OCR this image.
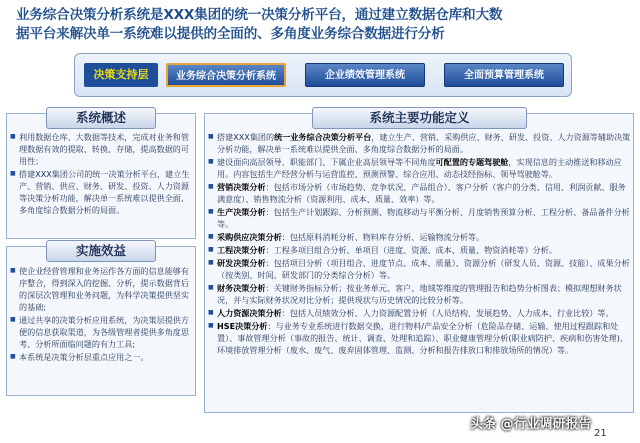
业务综合决策分析系统是XXX集团的统一决策分析平台，通过建立数据仓库和大数
据平台来解决单一系统难以提供的全面的、多角度业务综合数据进行分析
决策支持层	业务综合决策分析系统	企业绩效管理系统	全面预算管理系统
系统概述
■ 利用数据仓库、大数据等技术，完成对业务和管理数据有效的提取、转换、存储，提高数据的可用性；
■ 搭建XXX集团公司的统一决策分析平台，建立生产、营销、供应、财务、研发、投资、人力资源等决策分析功能，解决单一系统难以提供全面、多角度综合数据分析的局面。
实施效益
■ 使企业经营管理和业务运作各方面的信息能够有序整合，得到深入的挖掘、分析，提示数据背后的深层次管理和业务问题，为科学决策提供坚实的基础;
■ 通过共享的决策分析应用系统，为决策层提供方便的信息获取渠道，为各级管理者提供多角度思考、分析所面临问题的有力工具;
■ 本系统是决策分析层重点应用之一。
系统主要功能定义
■ 搭建XXX集团的统一业务综合决策分析平台，建立生产、营销、采购供应、财务、研发、投资、人力资源等辅助决策分析功能，解决单一系统难以提供全面、多角度综合数据分析的局面。
■ 建设面向高层领导、职能部门、下属企业高层领导等不同角度可配置的专题驾驶舱，实现信息的主动推送和移动应用。内容包括生产经营分析与运营监控、预测预警、综合应用、动态技经指标、领导驾驶舱等。
■ 营销决策分析：包括市场分析（市场趋势、竞争状况、产品组合）、客户分析（客户的分类、信用、利润贡献、服务满意度）、销售物流分析（资源利用、成本、质量、效率）等。
■ 生产决策分析：包括生产计划跟踪、分析预测、物流移动与平衡分析、月度销售预算分析、工程分析、备品备件分析等。
■ 采购供应决策分析：包括原料消耗分析、物料库存分析、运输物流分析等。
■ 工程决策分析：工程多项目组合分析、单项目（进度、资源、成本、质量、物资消耗等）分析。
■ 研发决策分析：包括项目分析（项目组合、进度节点、成本、质量）、资源分析（研发人员、资源、技能）、成果分析（按类别、时间、研发部门的分类综合分析）等。
■ 财务决策分析：关键财务指标分析；按业务单元、客户、地域等维度的管理报告和趋势分析图表；模拟理想财务状况，并与实际财务状况对比分析；提供现状与历史情况的比较分析等。
■ 人力资源决策分析：包括人员绩效分析、人力资源配置分析（人员结构、发展趋势、人力成本、行业比较）等。
■ HSE决策分析：与业务专业系统进行数据交换，进行物料/产品安全分析（危险品存储、运输、使用过程跟踪和处置）、事故管理分析（事故的报告、统计、调查、处理和追踪）、职业健康管理分析(职业病防护、疾病和伤害处理)、环境排放管理分析（废水、废气、废弃固体管理、监测、分析和报告排放口和排放场所的情况）等。
头条 @行业调研报告
21
